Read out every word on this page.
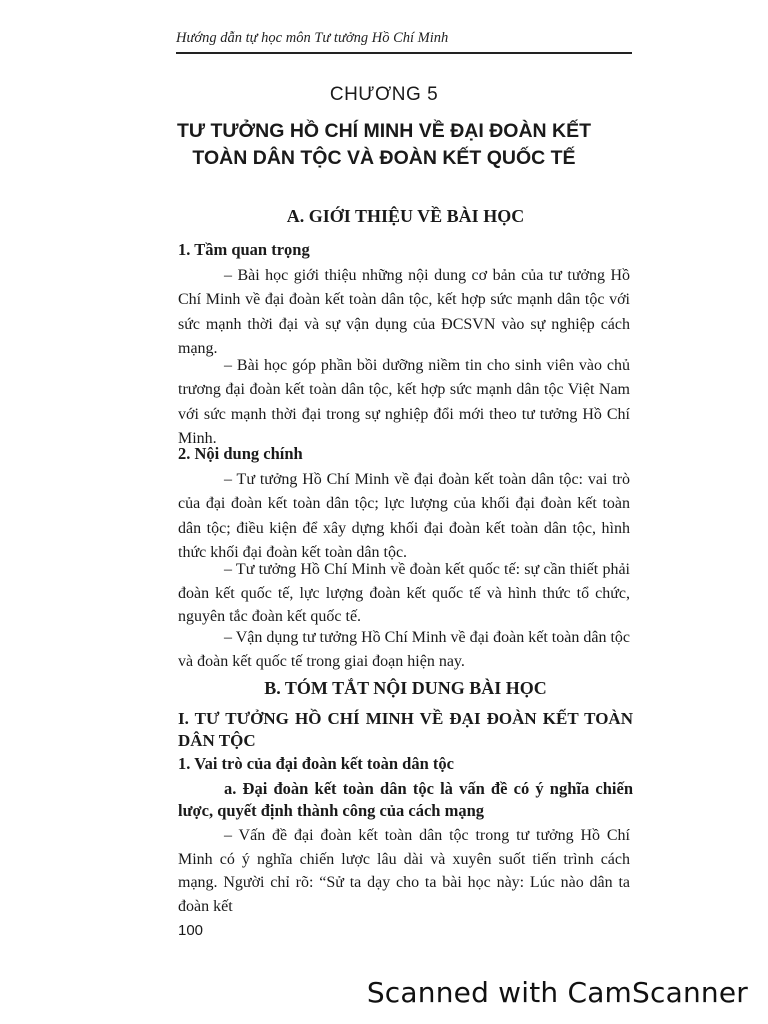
Hướng dẫn tự học môn Tư tưởng Hồ Chí Minh
CHƯƠNG 5
TƯ TƯỞNG HỒ CHÍ MINH VỀ ĐẠI ĐOÀN KẾT
TOÀN DÂN TỘC VÀ ĐOÀN KẾT QUỐC TẾ
A. GIỚI THIỆU VỀ BÀI HỌC
1. Tầm quan trọng
– Bài học giới thiệu những nội dung cơ bản của tư tưởng Hồ Chí Minh về đại đoàn kết toàn dân tộc, kết hợp sức mạnh dân tộc với sức mạnh thời đại và sự vận dụng của ĐCSVN vào sự nghiệp cách mạng.
– Bài học góp phần bồi dưỡng niềm tin cho sinh viên vào chủ trương đại đoàn kết toàn dân tộc, kết hợp sức mạnh dân tộc Việt Nam với sức mạnh thời đại trong sự nghiệp đổi mới theo tư tưởng Hồ Chí Minh.
2. Nội dung chính
– Tư tưởng Hồ Chí Minh về đại đoàn kết toàn dân tộc: vai trò của đại đoàn kết toàn dân tộc; lực lượng của khối đại đoàn kết toàn dân tộc; điều kiện để xây dựng khối đại đoàn kết toàn dân tộc, hình thức khối đại đoàn kết toàn dân tộc.
– Tư tưởng Hồ Chí Minh về đoàn kết quốc tế: sự cần thiết phải đoàn kết quốc tế, lực lượng đoàn kết quốc tế và hình thức tổ chức, nguyên tắc đoàn kết quốc tế.
– Vận dụng tư tưởng Hồ Chí Minh về đại đoàn kết toàn dân tộc và đoàn kết quốc tế trong giai đoạn hiện nay.
B. TÓM TẮT NỘI DUNG BÀI HỌC
I. TƯ TƯỞNG HỒ CHÍ MINH VỀ ĐẠI ĐOÀN KẾT TOÀN DÂN TỘC
1. Vai trò của đại đoàn kết toàn dân tộc
a. Đại đoàn kết toàn dân tộc là vấn đề có ý nghĩa chiến lược, quyết định thành công của cách mạng
– Vấn đề đại đoàn kết toàn dân tộc trong tư tưởng Hồ Chí Minh có ý nghĩa chiến lược lâu dài và xuyên suốt tiến trình cách mạng. Người chỉ rõ: “Sử ta dạy cho ta bài học này: Lúc nào dân ta đoàn kết
100
Scanned with CamScanner
